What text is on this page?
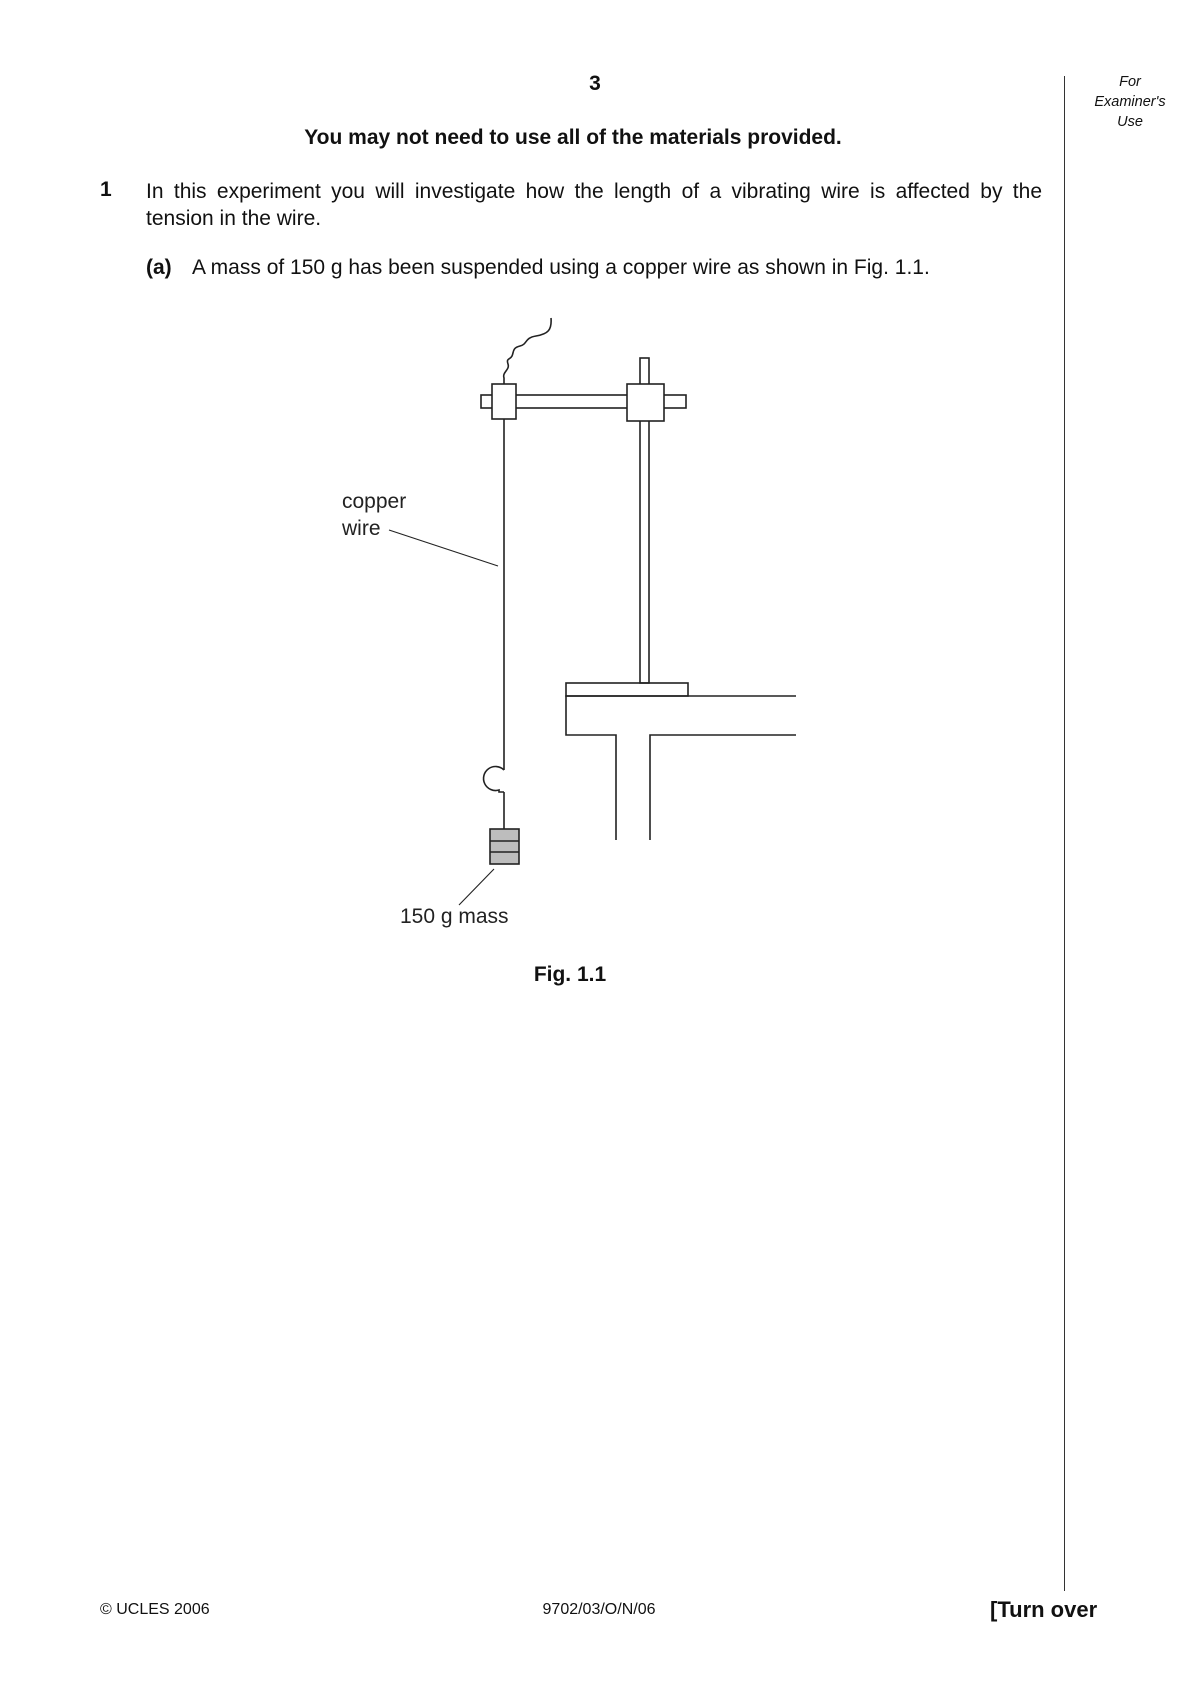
3	For
Examiner's
Use
You may not need to use all of the materials provided.
1 In this experiment you will investigate how the length of a vibrating wire is affected by the tension in the wire.
(a) A mass of 150 g has been suspended using a copper wire as shown in Fig. 1.1.
copper
wire
150 g mass
Fig. 1.1
© UCLES 2006	9702/03/O/N/06	[Turn over
